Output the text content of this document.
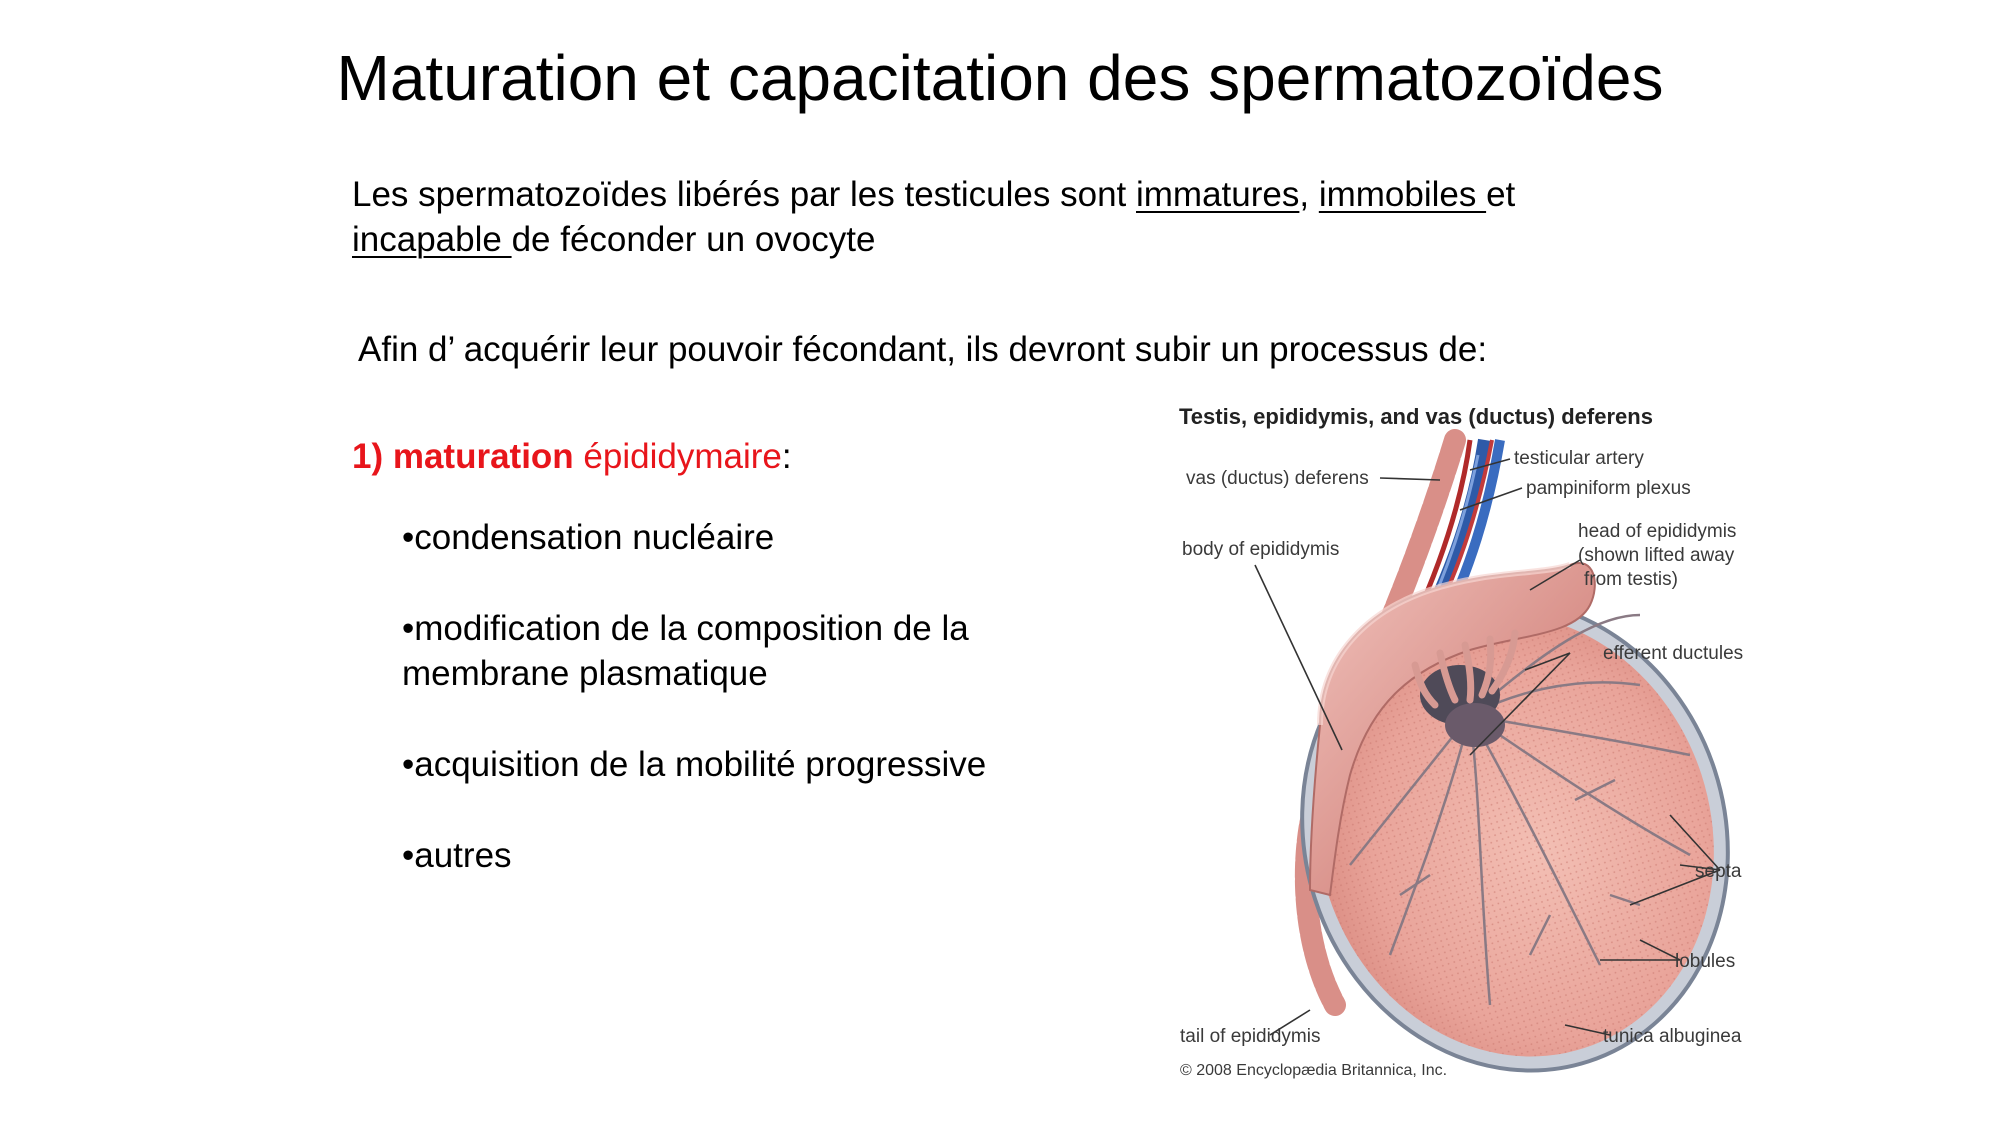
Maturation et capacitation des spermatozoïdes
Les spermatozoïdes libérés par les testicules sont immatures, immobiles et
incapable de féconder un ovocyte
Afin d’ acquérir leur pouvoir fécondant, ils devront subir un processus de:
1) maturation épididymaire:
•condensation nucléaire
•modification de la composition de la
membrane plasmatique
•acquisition de la mobilité progressive
•autres
Testis, epididymis, and vas (ductus) deferens
vas (ductus) deferens
testicular artery
pampiniform plexus
body of epididymis
head of epididymis
(shown lifted away
from testis)
efferent ductules
septa
lobules
tail of epididymis	tunica albuginea
© 2008 Encyclopædia Britannica, Inc.
